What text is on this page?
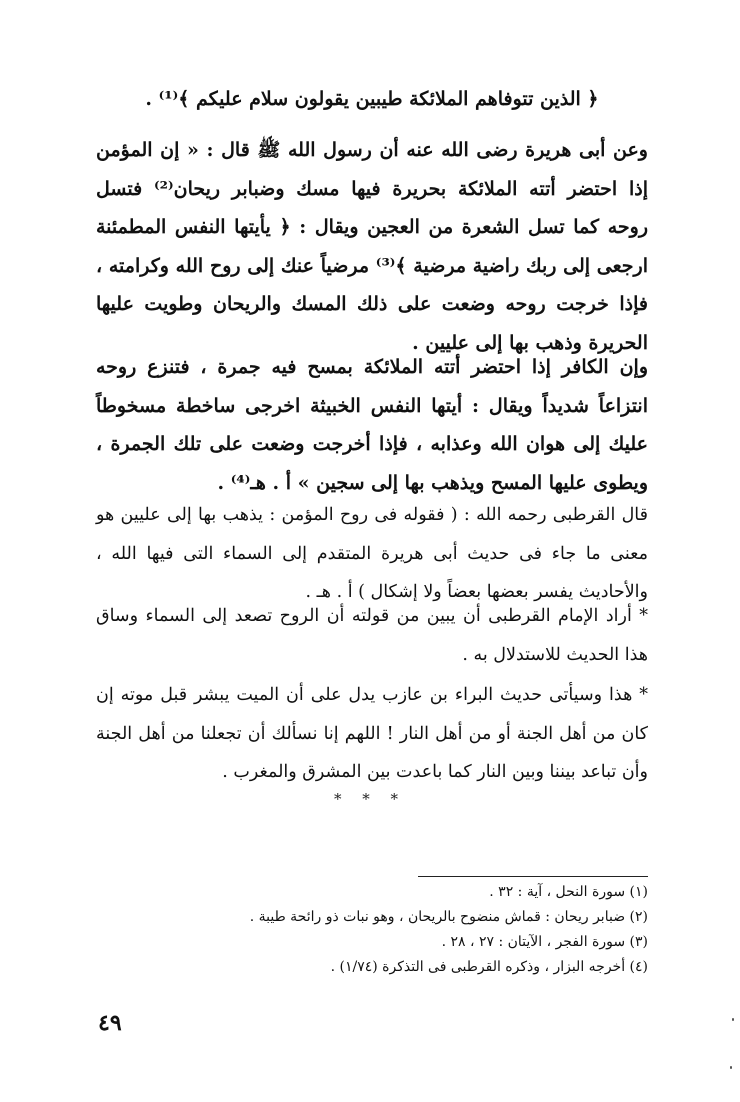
﴿ الذين تتوفاهم الملائكة طيبين يقولون سلام عليكم ﴾⁽¹⁾ .

وعن أبى هريرة رضى الله عنه أن رسول الله ﷺ قال : « إن المؤمن إذا احتضر أتته الملائكة بحريرة فيها مسك وضبابر ريحان⁽²⁾ فتسل روحه كما تسل الشعرة من العجين ويقال : ﴿ يأيتها النفس المطمئنة ارجعى إلى ربك راضية مرضية ﴾⁽³⁾ مرضياً عنك إلى روح الله وكرامته ، فإذا خرجت روحه وضعت على ذلك المسك والريحان وطويت عليها الحريرة وذهب بها إلى عليين .

وإن الكافر إذا احتضر أتته الملائكة بمسح فيه جمرة ، فتنزع روحه انتزاعاً شديداً ويقال : أيتها النفس الخبيثة اخرجى ساخطة مسخوطاً عليك إلى هوان الله وعذابه ، فإذا أخرجت وضعت على تلك الجمرة ، ويطوى عليها المسح ويذهب بها إلى سجين » أ . هـ⁽⁴⁾ .

قال القرطبى رحمه الله : ( فقوله فى روح المؤمن : يذهب بها إلى عليين هو معنى ما جاء فى حديث أبى هريرة المتقدم إلى السماء التى فيها الله ، والأحاديث يفسر بعضها بعضاً ولا إشكال ) أ . هـ .

* أراد الإمام القرطبى أن يبين من قولته أن الروح تصعد إلى السماء وساق هذا الحديث للاستدلال به .

* هذا وسيأتى حديث البراء بن عازب يدل على أن الميت يبشر قبل موته إن كان من أهل الجنة أو من أهل النار ! اللهم إنا نسألك أن تجعلنا من أهل الجنة وأن تباعد بيننا وبين النار كما باعدت بين المشرق والمغرب .

* * *

(١) سورة النحل ، آية : ٣٢ .

(٢) ضبابر ريحان : قماش منضوح بالريحان ، وهو نبات ذو رائحة طيبة .

(٣) سورة الفجر ، الآيتان : ٢٧ ، ٢٨ .

(٤) أخرجه البزار ، وذكره القرطبى فى التذكرة (١/٧٤) .

٤٩
